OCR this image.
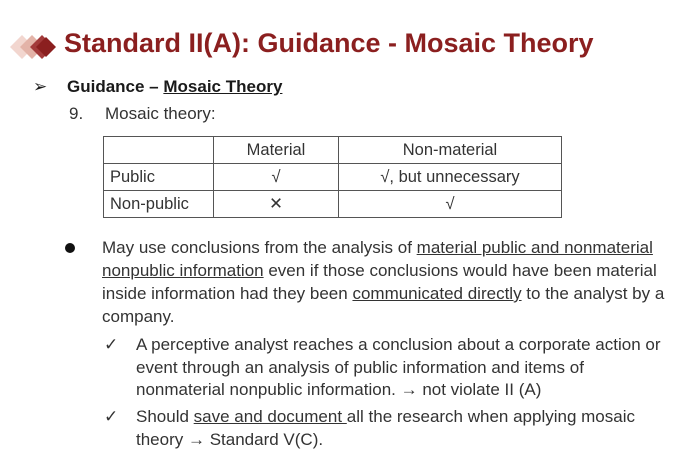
Standard II(A): Guidance - Mosaic Theory
➢ Guidance – Mosaic Theory
9. Mosaic theory:
	Material	Non-material
Public	√	√, but unnecessary
Non-public	✕	√
May use conclusions from the analysis of material public and nonmaterial nonpublic information even if those conclusions would have been material inside information had they been communicated directly to the analyst by a company.
✓ A perceptive analyst reaches a conclusion about a corporate action or event through an analysis of public information and items of nonmaterial nonpublic information. → not violate II (A)
✓ Should save and document all the research when applying mosaic theory → Standard V(C).
